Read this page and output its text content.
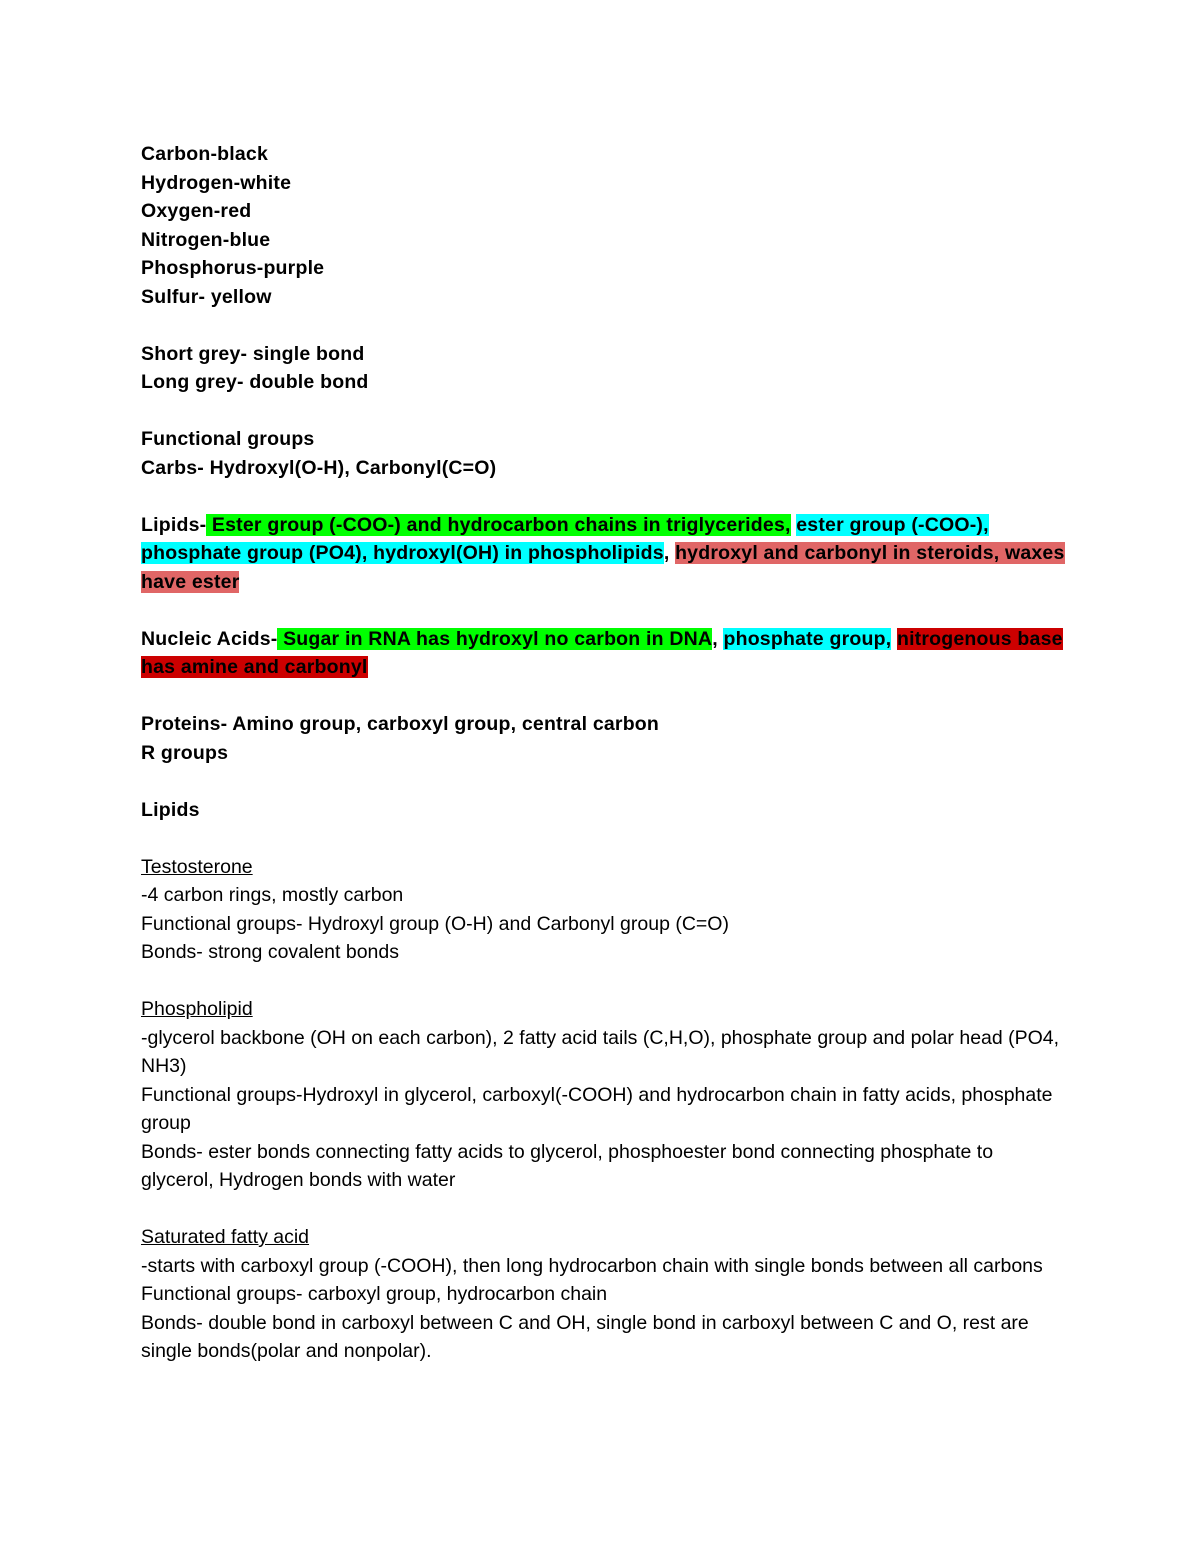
Carbon-black

Hydrogen-white

Oxygen-red

Nitrogen-blue

Phosphorus-purple

Sulfur- yellow

Short grey- single bond

Long grey- double bond

Functional groups

Carbs- Hydroxyl(O-H), Carbonyl(C=O)

Lipids- Ester group (-COO-) and hydrocarbon chains in triglycerides, ester group (-COO-), phosphate group (PO4), hydroxyl(OH) in phospholipids, hydroxyl and carbonyl in steroids, waxes have ester

Nucleic Acids- Sugar in RNA has hydroxyl no carbon in DNA, phosphate group, nitrogenous base has amine and carbonyl

Proteins- Amino group, carboxyl group, central carbon

R groups

Lipids

Testosterone

-4 carbon rings, mostly carbon

Functional groups- Hydroxyl group (O-H) and Carbonyl group (C=O)

Bonds- strong covalent bonds

Phospholipid

-glycerol backbone (OH on each carbon), 2 fatty acid tails (C,H,O), phosphate group and polar head (PO4, NH3)

Functional groups-Hydroxyl in glycerol, carboxyl(-COOH) and hydrocarbon chain in fatty acids, phosphate group

Bonds- ester bonds connecting fatty acids to glycerol, phosphoester bond connecting phosphate to glycerol, Hydrogen bonds with water

Saturated fatty acid

-starts with carboxyl group (-COOH), then long hydrocarbon chain with single bonds between all carbons

Functional groups- carboxyl group, hydrocarbon chain

Bonds- double bond in carboxyl between C and OH, single bond in carboxyl between C and O, rest are single bonds(polar and nonpolar).
